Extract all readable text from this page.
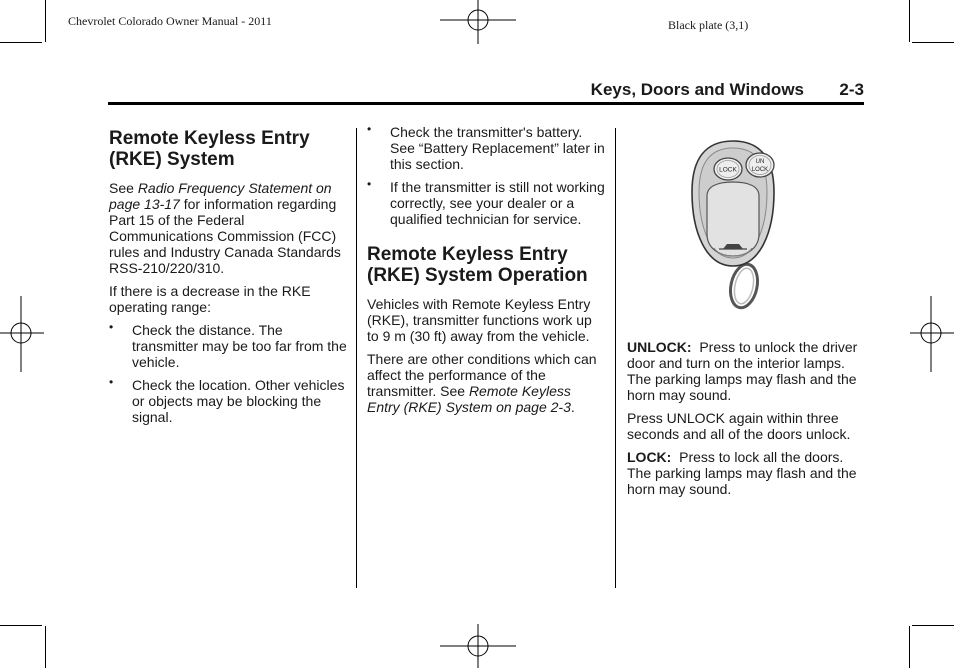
Chevrolet Colorado Owner Manual - 2011	Black plate (3,1)
Keys, Doors and Windows 2-3
Remote Keyless Entry (RKE) System

See Radio Frequency Statement on page 13-17 for information regarding Part 15 of the Federal Communications Commission (FCC) rules and Industry Canada Standards RSS-210/220/310.

If there is a decrease in the RKE operating range:

• Check the distance. The transmitter may be too far from the vehicle.
• Check the location. Other vehicles or objects may be blocking the signal.
• Check the transmitter's battery. See “Battery Replacement” later in this section.
• If the transmitter is still not working correctly, see your dealer or a qualified technician for service.
Remote Keyless Entry (RKE) System Operation

Vehicles with Remote Keyless Entry (RKE), transmitter functions work up to 9 m (30 ft) away from the vehicle.

There are other conditions which can affect the performance of the transmitter. See Remote Keyless Entry (RKE) System on page 2-3.

LOCK
UN
LOCK

UNLOCK: Press to unlock the driver door and turn on the interior lamps. The parking lamps may flash and the horn may sound.

Press UNLOCK again within three seconds and all of the doors unlock.

LOCK: Press to lock all the doors. The parking lamps may flash and the horn may sound.
